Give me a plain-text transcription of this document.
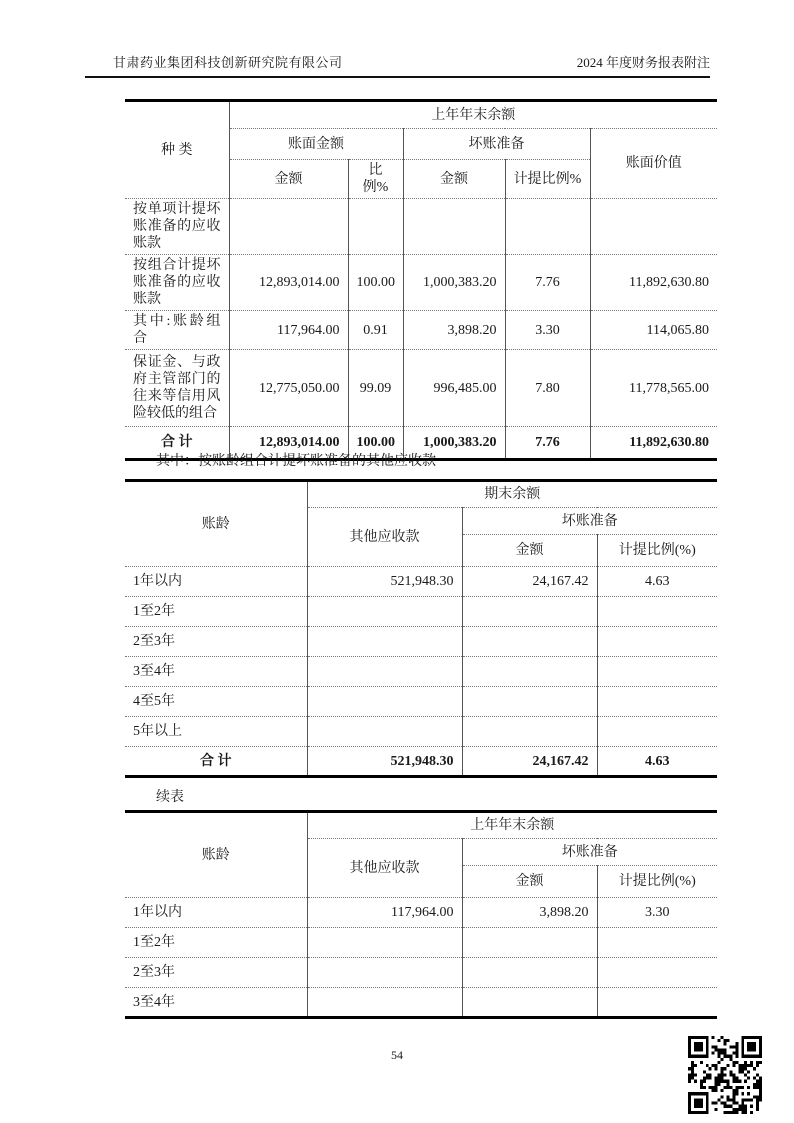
甘肃药业集团科技创新研究院有限公司	2024 年度财务报表附注
种 类	上年年末余额				
	账面金额		坏账准备		账面价值
	金额	比例%	金额	计提比例%	
按单项计提坏账准备的应收账款					
按组合计提坏账准备的应收账款	12,893,014.00	100.00	1,000,383.20	7.76	11,892,630.80
其中:账龄组合	117,964.00	0.91	3,898.20	3.30	114,065.80
保证金、与政府主管部门的往来等信用风险较低的组合	12,775,050.00	99.09	996,485.00	7.80	11,778,565.00
合 计	12,893,014.00	100.00	1,000,383.20	7.76	11,892,630.80
其中：按账龄组合计提坏账准备的其他应收款
账龄	期末余额		
	其他应收款	坏账准备	
		金额	计提比例(%)
1年以内	521,948.30	24,167.42	4.63
1至2年			
2至3年			
3至4年			
4至5年			
5年以上			
合 计	521,948.30	24,167.42	4.63
续表
账龄	上年年末余额		
	其他应收款	坏账准备	
		金额	计提比例(%)
1年以内	117,964.00	3,898.20	3.30
1至2年			
2至3年			
3至4年			
54
